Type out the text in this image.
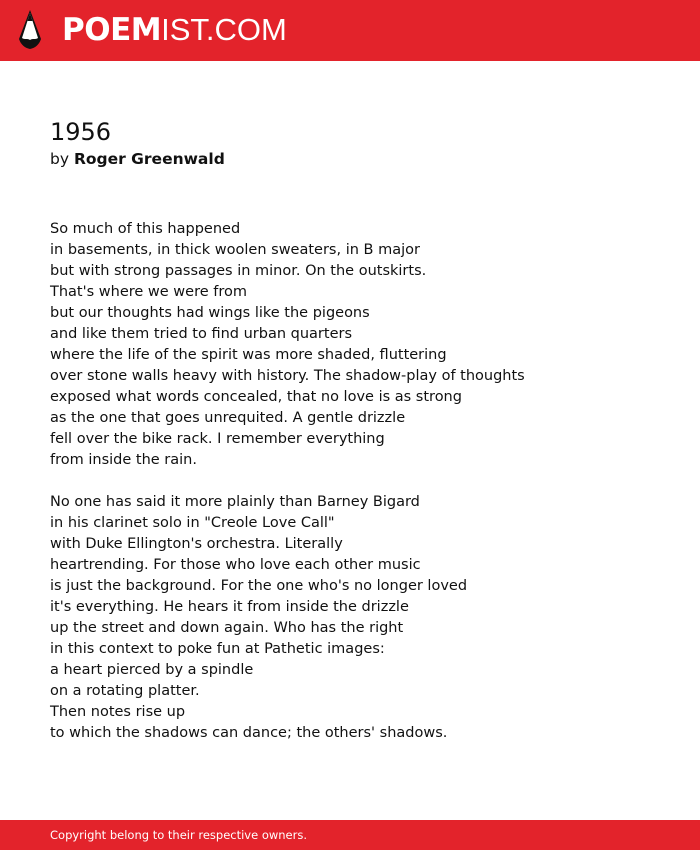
POEMIST.COM
1956
by Roger Greenwald
So much of this happened
in basements, in thick woolen sweaters, in B major
but with strong passages in minor. On the outskirts.
That's where we were from
but our thoughts had wings like the pigeons
and like them tried to find urban quarters
where the life of the spirit was more shaded, fluttering
over stone walls heavy with history. The shadow-play of thoughts
exposed what words concealed, that no love is as strong
as the one that goes unrequited. A gentle drizzle
fell over the bike rack. I remember everything
from inside the rain.
No one has said it more plainly than Barney Bigard
in his clarinet solo in "Creole Love Call"
with Duke Ellington's orchestra. Literally
heartrending. For those who love each other music
is just the background. For the one who's no longer loved
it's everything. He hears it from inside the drizzle
up the street and down again. Who has the right
in this context to poke fun at Pathetic images:
a heart pierced by a spindle
on a rotating platter.
Then notes rise up
to which the shadows can dance; the others' shadows.
Copyright belong to their respective owners.
